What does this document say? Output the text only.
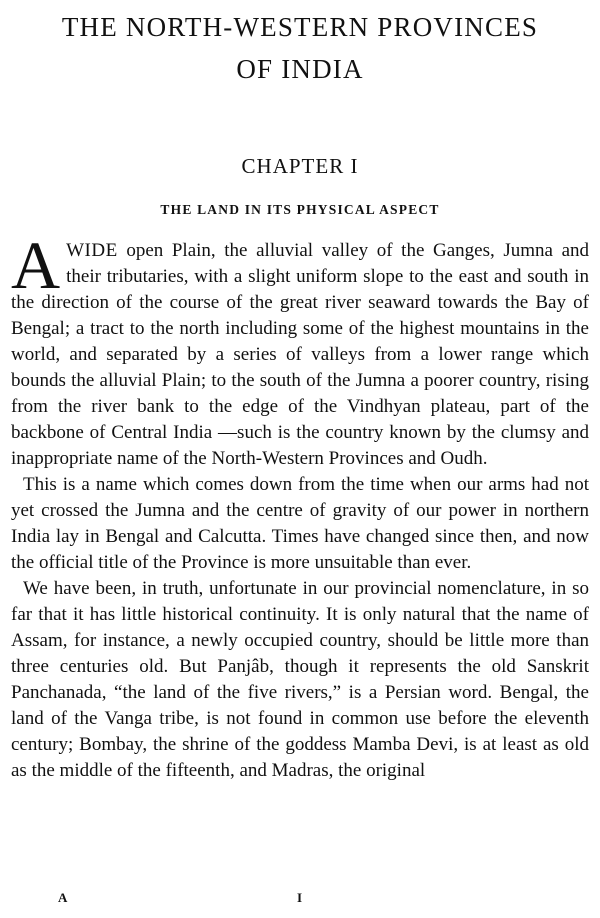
THE NORTH-WESTERN PROVINCES
OF INDIA
CHAPTER I
THE LAND IN ITS PHYSICAL ASPECT

AWIDE open Plain, the alluvial valley of the Ganges, Jumna and their tributaries, with a slight uniform slope to the east and south in the direction of the course of the great river seaward towards the Bay of Bengal; a tract to the north including some of the highest mountains in the world, and separated by a series of valleys from a lower range which bounds the alluvial Plain; to the south of the Jumna a poorer country, rising from the river bank to the edge of the Vindhyan plateau, part of the backbone of Central India —such is the country known by the clumsy and inappropriate name of the North-Western Provinces and Oudh.

This is a name which comes down from the time when our arms had not yet crossed the Jumna and the centre of gravity of our power in northern India lay in Bengal and Calcutta. Times have changed since then, and now the official title of the Province is more unsuitable than ever.

We have been, in truth, unfortunate in our provincial nomenclature, in so far that it has little historical continuity. It is only natural that the name of Assam, for instance, a newly occupied country, should be little more than three centuries old. But Panjâb, though it represents the old Sanskrit Panchanada, “the land of the five rivers,” is a Persian word. Bengal, the land of the Vanga tribe, is not found in common use before the eleventh century; Bombay, the shrine of the goddess Mamba Devi, is at least as old as the middle of the fifteenth, and Madras, the original

A	I
